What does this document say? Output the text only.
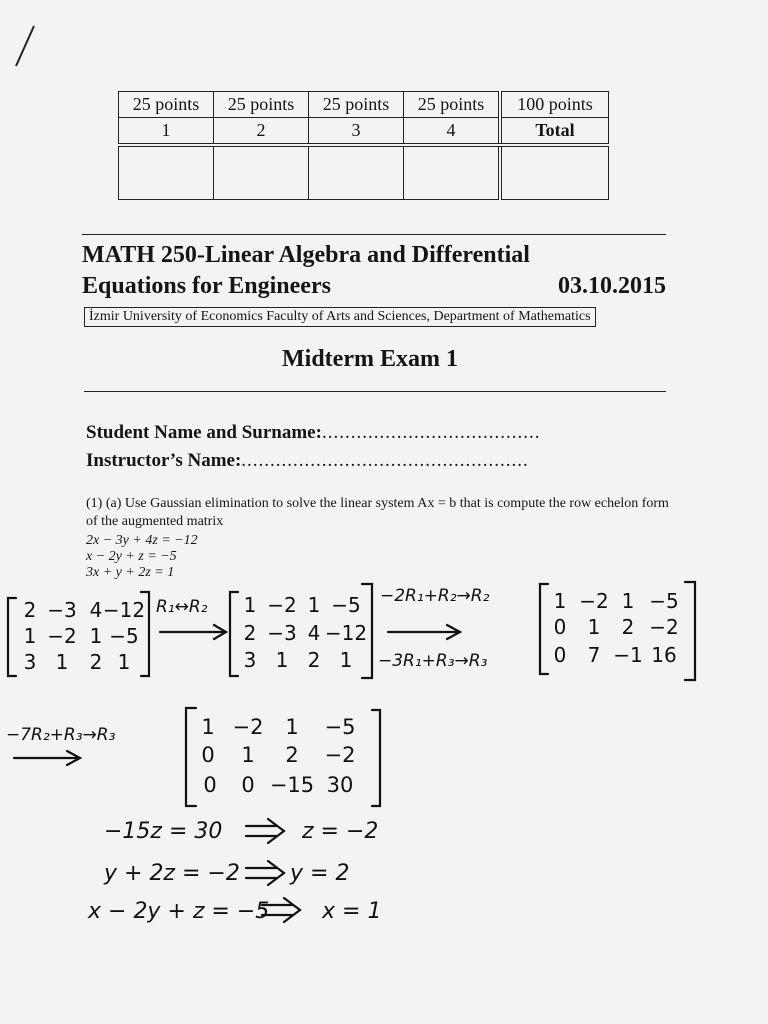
25 points	25 points	25 points	25 points	100 points
1	2	3	4	Total

MATH 250-Linear Algebra and Differential
Equations for Engineers	03.10.2015
İzmir University of Economics Faculty of Arts and Sciences, Department of Mathematics
Midterm Exam 1
Student Name and Surname:......................................
Instructor’s Name:..................................................
(1) (a) Use Gaussian elimination to solve the linear system Ax = b that is compute the row echelon form of the augmented matrix
2x − 3y + 4z = −12
x − 2y + z = −5
3x + y + 2z = 1
R₁↔R₂
−2R₁+R₂→R₂
−3R₁+R₃→R₃
−7R₂+R₃→R₃
2 −3 4 −12
1 −2 1 −5
3 1 2 1
1 −2 1 −5
2 −3 4 −12
3 1 2 1
1 −2 1 −5
0 1 2 −2
0 7 −1 16
1 −2 1 −5
0 1 2 −2
0 0 −15 30
−15z = 30	z = −2
y + 2z = −2 y = 2
x − 2y + z = −5 x = 1
